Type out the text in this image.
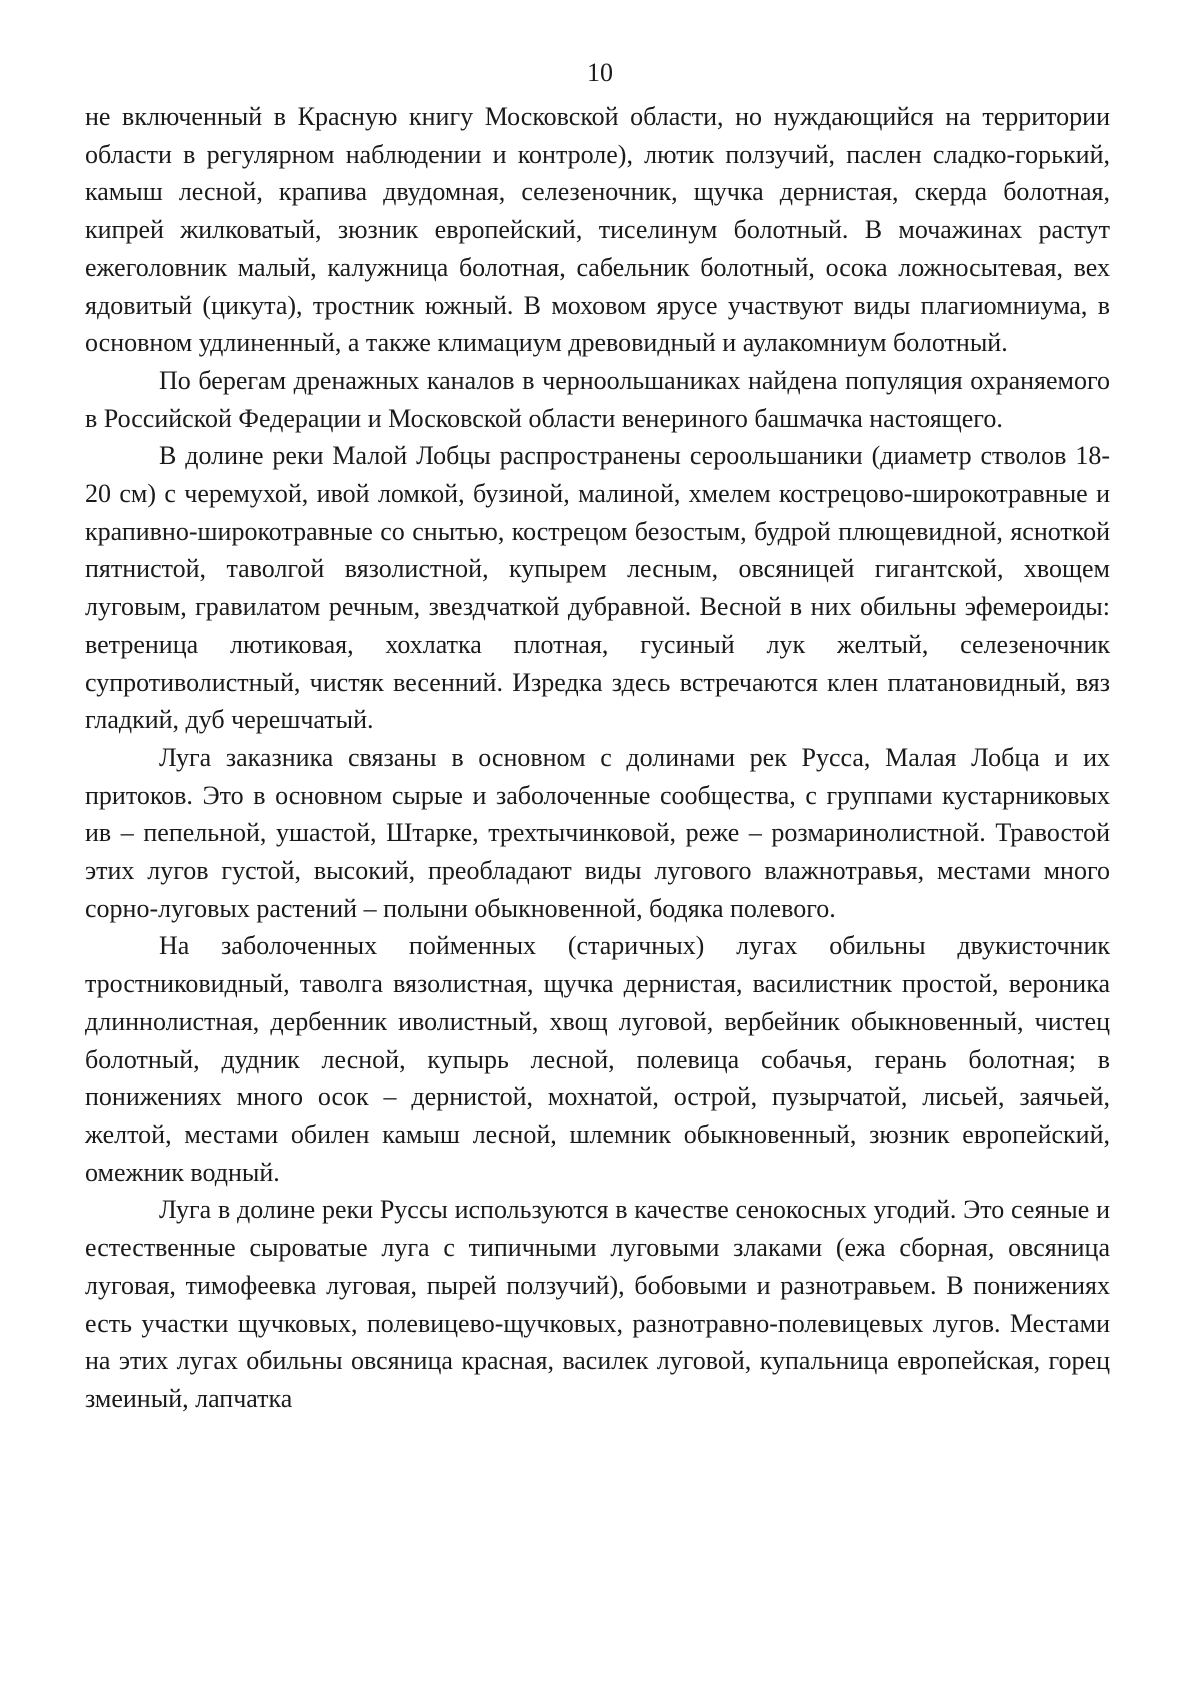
10

не включенный в Красную книгу Московской области, но нуждающийся на территории области в регулярном наблюдении и контроле), лютик ползучий, паслен сладко-горький, камыш лесной, крапива двудомная, селезеночник, щучка дернистая, скерда болотная, кипрей жилковатый, зюзник европейский, тиселинум болотный. В мочажинах растут ежеголовник малый, калужница болотная, сабельник болотный, осока ложносытевая, вех ядовитый (цикута), тростник южный. В моховом ярусе участвуют виды плагиомниума, в основном удлиненный, а также климациум древовидный и аулакомниум болотный.

По берегам дренажных каналов в черноольшаниках найдена популяция охраняемого в Российской Федерации и Московской области венериного башмачка настоящего.

В долине реки Малой Лобцы распространены сероольшаники (диаметр стволов 18-20 см) с черемухой, ивой ломкой, бузиной, малиной, хмелем кострецово-широкотравные и крапивно-широкотравные со снытью, кострецом безостым, будрой плющевидной, ясноткой пятнистой, таволгой вязолистной, купырем лесным, овсяницей гигантской, хвощем луговым, гравилатом речным, звездчаткой дубравной. Весной в них обильны эфемероиды: ветреница лютиковая, хохлатка плотная, гусиный лук желтый, селезеночник супротиволистный, чистяк весенний. Изредка здесь встречаются клен платановидный, вяз гладкий, дуб черешчатый.

Луга заказника связаны в основном с долинами рек Русса, Малая Лобца и их притоков. Это в основном сырые и заболоченные сообщества, с группами кустарниковых ив – пепельной, ушастой, Штарке, трехтычинковой, реже – розмаринолистной. Травостой этих лугов густой, высокий, преобладают виды лугового влажнотравья, местами много сорно-луговых растений – полыни обыкновенной, бодяка полевого.

На заболоченных пойменных (старичных) лугах обильны двукисточник тростниковидный, таволга вязолистная, щучка дернистая, василистник простой, вероника длиннолистная, дербенник иволистный, хвощ луговой, вербейник обыкновенный, чистец болотный, дудник лесной, купырь лесной, полевица собачья, герань болотная; в понижениях много осок – дернистой, мохнатой, острой, пузырчатой, лисьей, заячьей, желтой, местами обилен камыш лесной, шлемник обыкновенный, зюзник европейский, омежник водный.

Луга в долине реки Руссы используются в качестве сенокосных угодий. Это сеяные и естественные сыроватые луга с типичными луговыми злаками (ежа сборная, овсяница луговая, тимофеевка луговая, пырей ползучий), бобовыми и разнотравьем. В понижениях есть участки щучковых, полевицево-щучковых, разнотравно-полевицевых лугов. Местами на этих лугах обильны овсяница красная, василек луговой, купальница европейская, горец змеиный, лапчатка
